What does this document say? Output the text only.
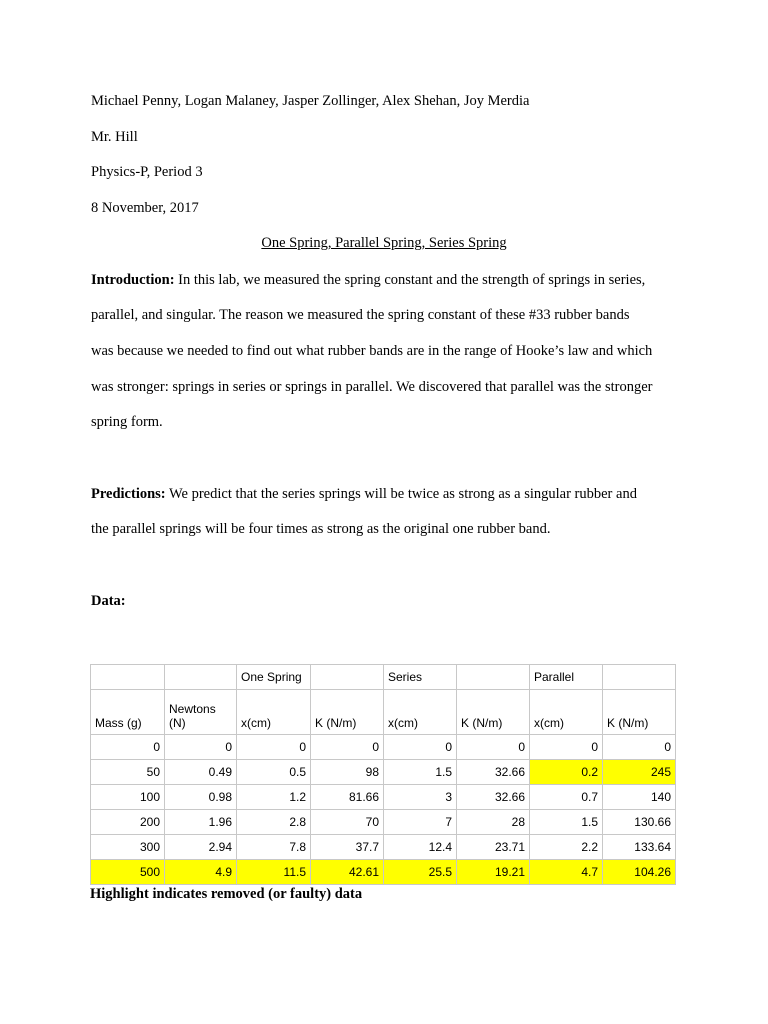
Michael Penny, Logan Malaney, Jasper Zollinger, Alex Shehan, Joy Merdia
Mr. Hill
Physics-P, Period 3
8 November, 2017
One Spring, Parallel Spring, Series Spring
Introduction: In this lab, we measured the spring constant and the strength of springs in series,
parallel, and singular. The reason we measured the spring constant of these #33 rubber bands
was because we needed to find out what rubber bands are in the range of Hooke’s law and which
was stronger: springs in series or springs in parallel. We discovered that parallel was the stronger
spring form.
Predictions: We predict that the series springs will be twice as strong as a singular rubber and
the parallel springs will be four times as strong as the original one rubber band.
Data:
		One Spring		Series		Parallel	
Mass (g)	Newtons (N)	x(cm)	K (N/m)	x(cm)	K (N/m)	x(cm)	K (N/m)
0	0	0	0	0	0	0	0
50	0.49	0.5	98	1.5	32.66	0.2	245
100	0.98	1.2	81.66	3	32.66	0.7	140
200	1.96	2.8	70	7	28	1.5	130.66
300	2.94	7.8	37.7	12.4	23.71	2.2	133.64
500	4.9	11.5	42.61	25.5	19.21	4.7	104.26
Highlight indicates removed (or faulty) data
